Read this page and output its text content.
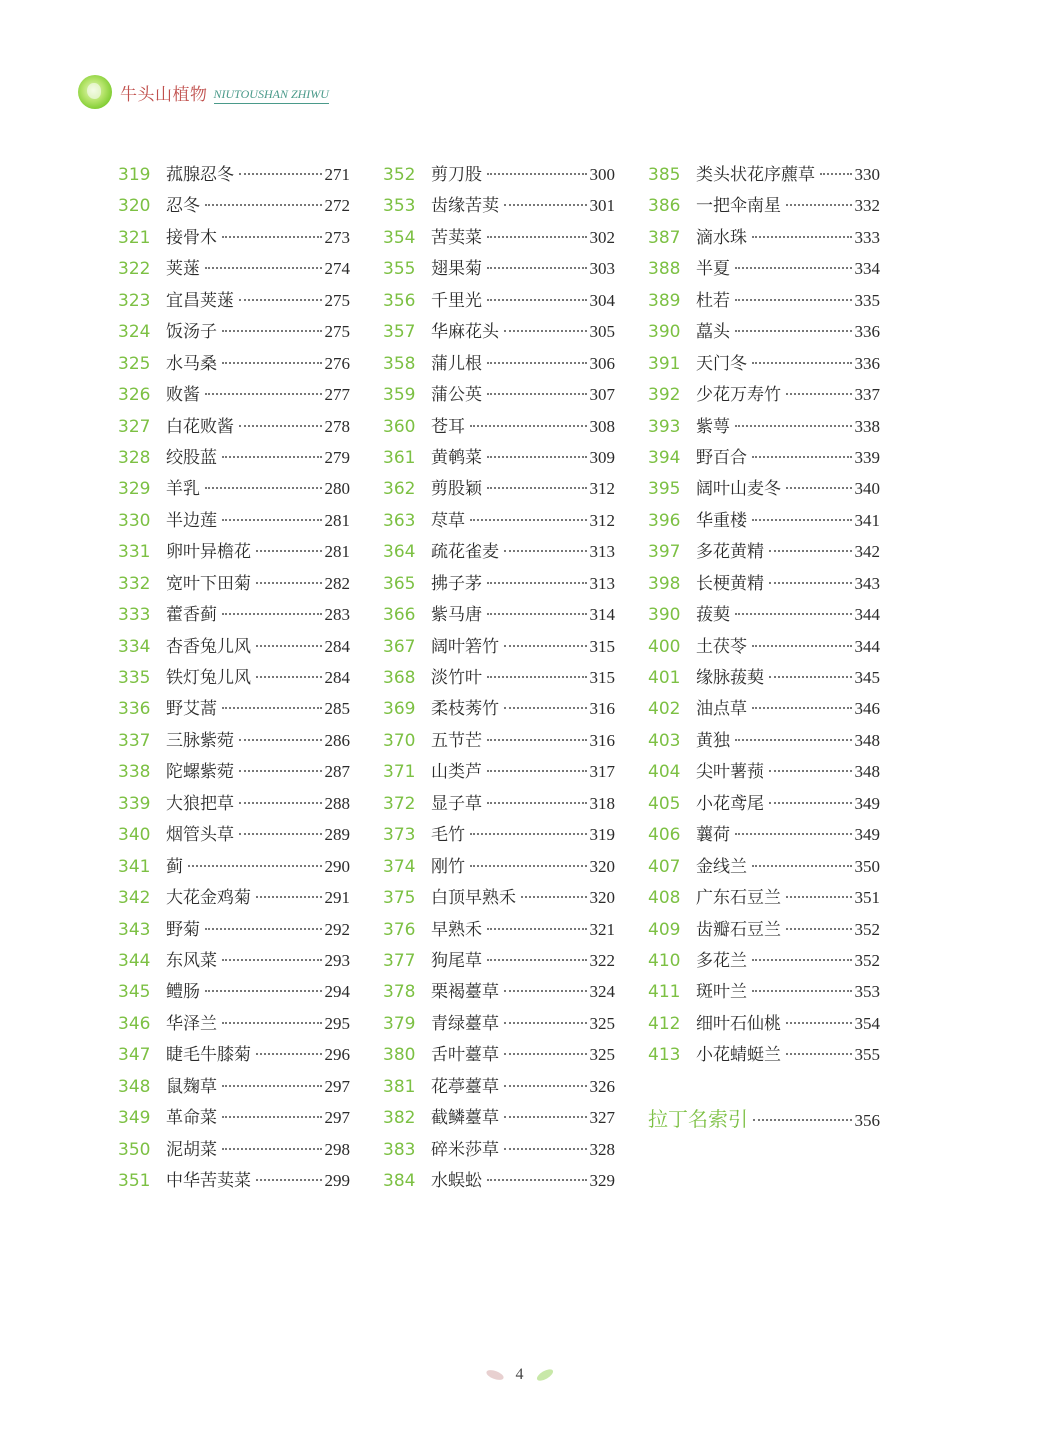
牛头山植物 NIUTOUSHAN ZHIWU
319 菰腺忍冬	271
320 忍冬	272
321 接骨木	273
322 荚蒾	274
323 宜昌荚蒾	275
324 饭汤子	275
325 水马桑	276
326 败酱	277
327 白花败酱	278
328 绞股蓝	279
329 羊乳	280
330 半边莲	281
331 卵叶异檐花	281
332 宽叶下田菊	282
333 藿香蓟	283
334 杏香兔儿风	284
335 铁灯兔儿风	284
336 野艾蒿	285
337 三脉紫菀	286
338 陀螺紫菀	287
339 大狼把草	288
340 烟管头草	289
341 蓟	290
342 大花金鸡菊	291
343 野菊	292
344 东风菜	293
345 鳢肠	294
346 华泽兰	295
347 睫毛牛膝菊	296
348 鼠麹草	297
349 革命菜	297
350 泥胡菜	298
351 中华苦荬菜	299
352 剪刀股	300
353 齿缘苦荬	301
354 苦荬菜	302
355 翅果菊	303
356 千里光	304
357 华麻花头	305
358 蒲儿根	306
359 蒲公英	307
360 苍耳	308
361 黄鹌菜	309
362 剪股颖	312
363 荩草	312
364 疏花雀麦	313
365 拂子茅	313
366 紫马唐	314
367 阔叶箬竹	315
368 淡竹叶	315
369 柔枝莠竹	316
370 五节芒	316
371 山类芦	317
372 显子草	318
373 毛竹	319
374 刚竹	320
375 白顶早熟禾	320
376 早熟禾	321
377 狗尾草	322
378 栗褐薹草	324
379 青绿薹草	325
380 舌叶薹草	325
381 花葶薹草	326
382 截鳞薹草	327
383 碎米莎草	328
384 水蜈蚣	329
385 类头状花序藨草 330
386 一把伞南星	332
387 滴水珠	333
388 半夏	334
389 杜若	335
390 藠头	336
391 天门冬	336
392 少花万寿竹	337
393 紫萼	338
394 野百合	339
395 阔叶山麦冬	340
396 华重楼	341
397 多花黄精	342
398 长梗黄精	343
390 菝葜	344
400 土茯苓	344
401 缘脉菝葜	345
402 油点草	346
403 黄独	348
404 尖叶薯蓣	348
405 小花鸢尾	349
406 蘘荷	349
407 金线兰	350
408 广东石豆兰	351
409 齿瓣石豆兰	352
410 多花兰	352
411 斑叶兰	353
412 细叶石仙桃	354
413 小花蜻蜓兰	355
拉丁名索引	356
4
